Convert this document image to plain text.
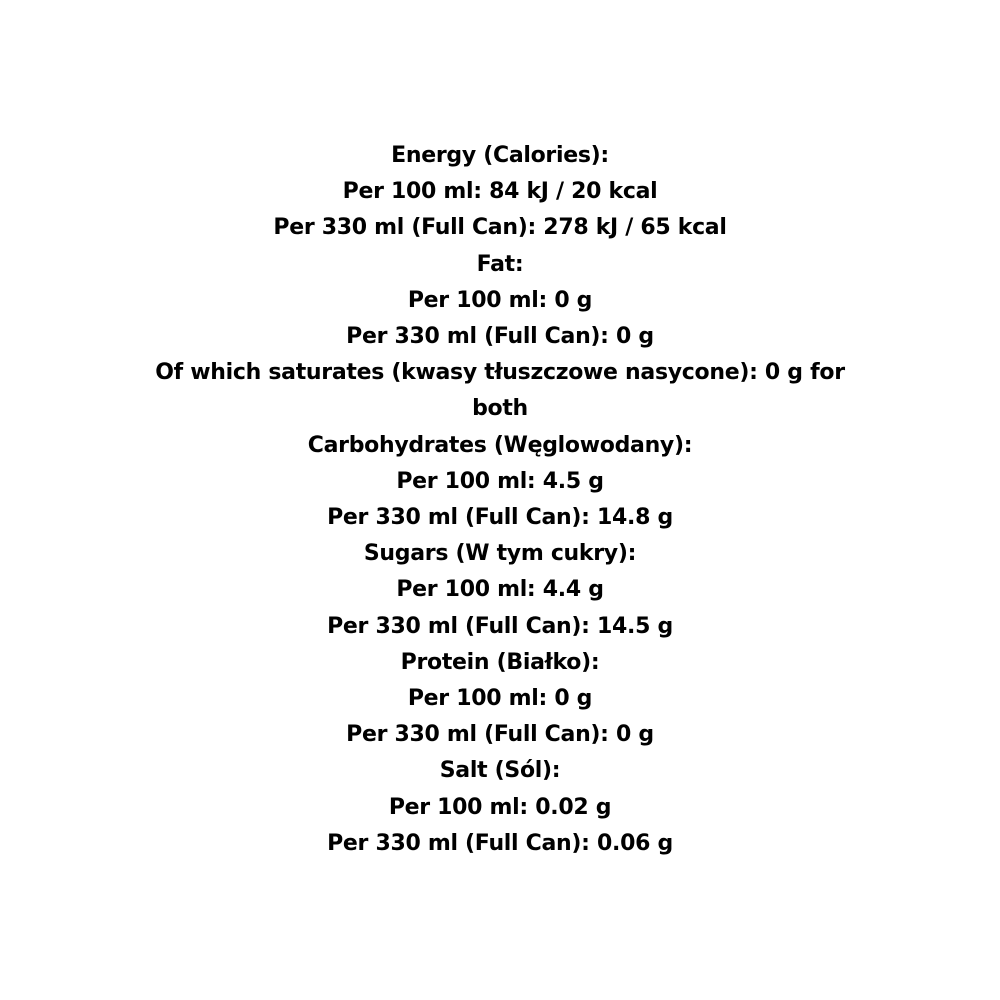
Energy (Calories):
Per 100 ml: 84 kJ / 20 kcal
Per 330 ml (Full Can): 278 kJ / 65 kcal
Fat:
Per 100 ml: 0 g
Per 330 ml (Full Can): 0 g
Of which saturates (kwasy tłuszczowe nasycone): 0 g for
both
Carbohydrates (Węglowodany):
Per 100 ml: 4.5 g
Per 330 ml (Full Can): 14.8 g
Sugars (W tym cukry):
Per 100 ml: 4.4 g
Per 330 ml (Full Can): 14.5 g
Protein (Białko):
Per 100 ml: 0 g
Per 330 ml (Full Can): 0 g
Salt (Sól):
Per 100 ml: 0.02 g
Per 330 ml (Full Can): 0.06 g
